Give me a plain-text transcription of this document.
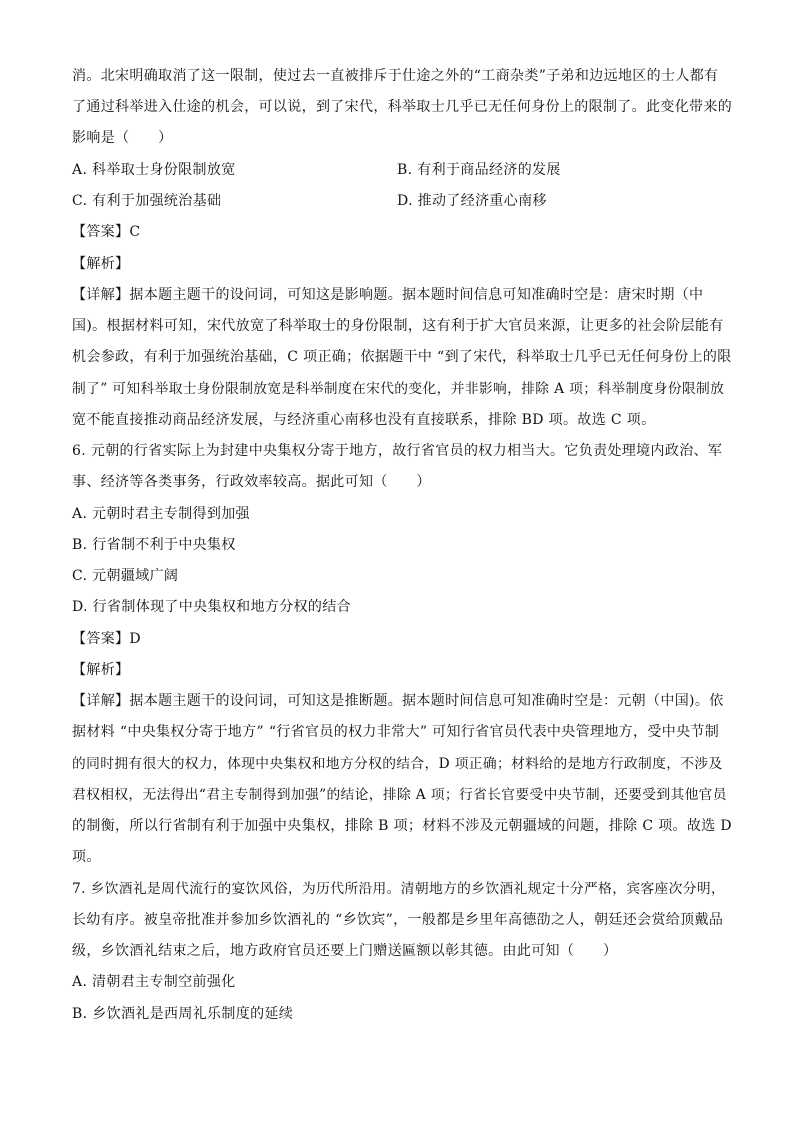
消。北宋明确取消了这一限制，使过去一直被排斥于仕途之外的“工商杂类”子弟和边远地区的士人都有
了通过科举进入仕途的机会，可以说，到了宋代，科举取士几乎已无任何身份上的限制了。此变化带来的
影响是（　　）
A. 科举取士身份限制放宽	B. 有利于商品经济的发展
C. 有利于加强统治基础	D. 推动了经济重心南移
【答案】C
【解析】
【详解】据本题主题干的设问词，可知这是影响题。据本题时间信息可知准确时空是：唐宋时期（中
国)。根据材料可知，宋代放宽了科举取士的身份限制，这有利于扩大官员来源，让更多的社会阶层能有
机会参政，有利于加强统治基础，C 项正确；依据题干中 “到了宋代，科举取士几乎已无任何身份上的限
制了” 可知科举取士身份限制放宽是科举制度在宋代的变化，并非影响，排除 A 项；科举制度身份限制放
宽不能直接推动商品经济发展，与经济重心南移也没有直接联系，排除 BD 项。故选 C 项。
6. 元朝的行省实际上为封建中央集权分寄于地方，故行省官员的权力相当大。它负责处理境内政治、军
事、经济等各类事务，行政效率较高。据此可知（　　）
A. 元朝时君主专制得到加强
B. 行省制不利于中央集权
C. 元朝疆域广阔
D. 行省制体现了中央集权和地方分权的结合
【答案】D
【解析】
【详解】据本题主题干的设问词，可知这是推断题。据本题时间信息可知准确时空是：元朝（中国)。依
据材料 “中央集权分寄于地方” “行省官员的权力非常大” 可知行省官员代表中央管理地方，受中央节制
的同时拥有很大的权力，体现中央集权和地方分权的结合，D 项正确；材料给的是地方行政制度，不涉及
君权相权，无法得出“君主专制得到加强”的结论，排除 A 项；行省长官要受中央节制，还要受到其他官员
的制衡，所以行省制有利于加强中央集权，排除 B 项；材料不涉及元朝疆域的问题，排除 C 项。故选 D
项。
7. 乡饮酒礼是周代流行的宴饮风俗，为历代所沿用。清朝地方的乡饮酒礼规定十分严格，宾客座次分明，
长幼有序。被皇帝批准并参加乡饮酒礼的 “乡饮宾”，一般都是乡里年高德劭之人，朝廷还会赏给顶戴品
级，乡饮酒礼结束之后，地方政府官员还要上门赠送匾额以彰其德。由此可知（　　）
A. 清朝君主专制空前强化
B. 乡饮酒礼是西周礼乐制度的延续
